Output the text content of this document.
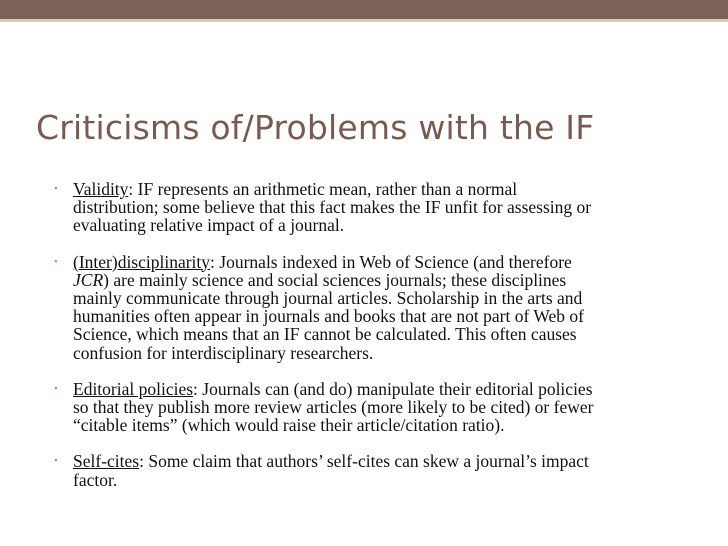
Criticisms of/Problems with the IF
• Validity: IF represents an arithmetic mean, rather than a normal
distribution; some believe that this fact makes the IF unfit for assessing or
evaluating relative impact of a journal.
• (Inter)disciplinarity: Journals indexed in Web of Science (and therefore
JCR) are mainly science and social sciences journals; these disciplines
mainly communicate through journal articles. Scholarship in the arts and
humanities often appear in journals and books that are not part of Web of
Science, which means that an IF cannot be calculated. This often causes
confusion for interdisciplinary researchers.
• Editorial policies: Journals can (and do) manipulate their editorial policies
so that they publish more review articles (more likely to be cited) or fewer
“citable items” (which would raise their article/citation ratio).
• Self-cites: Some claim that authors’ self-cites can skew a journal’s impact
factor.
